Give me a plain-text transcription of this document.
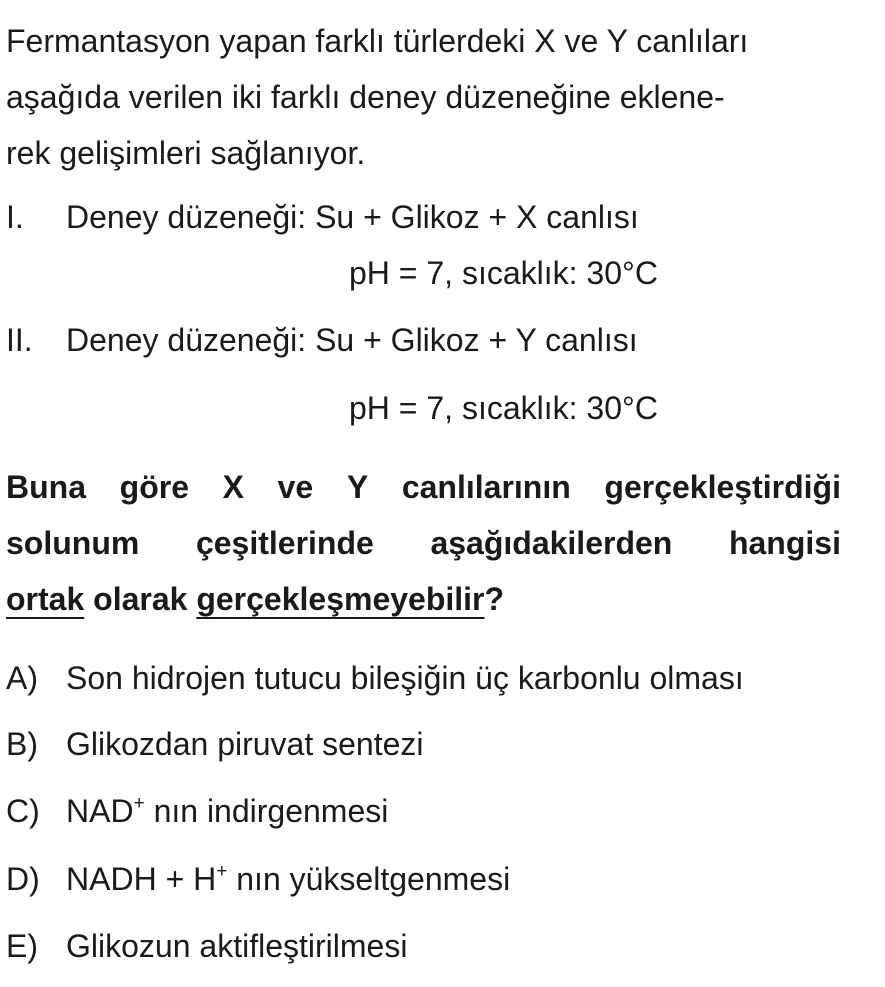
Fermantasyon yapan farklı türlerdeki X ve Y canlıları
aşağıda verilen iki farklı deney düzeneğine eklene-
rek gelişimleri sağlanıyor.
I. Deney düzeneği: Su + Glikoz + X canlısı
pH = 7, sıcaklık: 30°C
II. Deney düzeneği: Su + Glikoz + Y canlısı
pH = 7, sıcaklık: 30°C
Buna göre X ve Y canlılarının gerçekleştirdiği
solunum çeşitlerinde aşağıdakilerden hangisi
ortak olarak gerçekleşmeyebilir?
A) Son hidrojen tutucu bileşiğin üç karbonlu olması
B) Glikozdan piruvat sentezi
C) NAD+ nın indirgenmesi
D) NADH + H+ nın yükseltgenmesi
E) Glikozun aktifleştirilmesi
